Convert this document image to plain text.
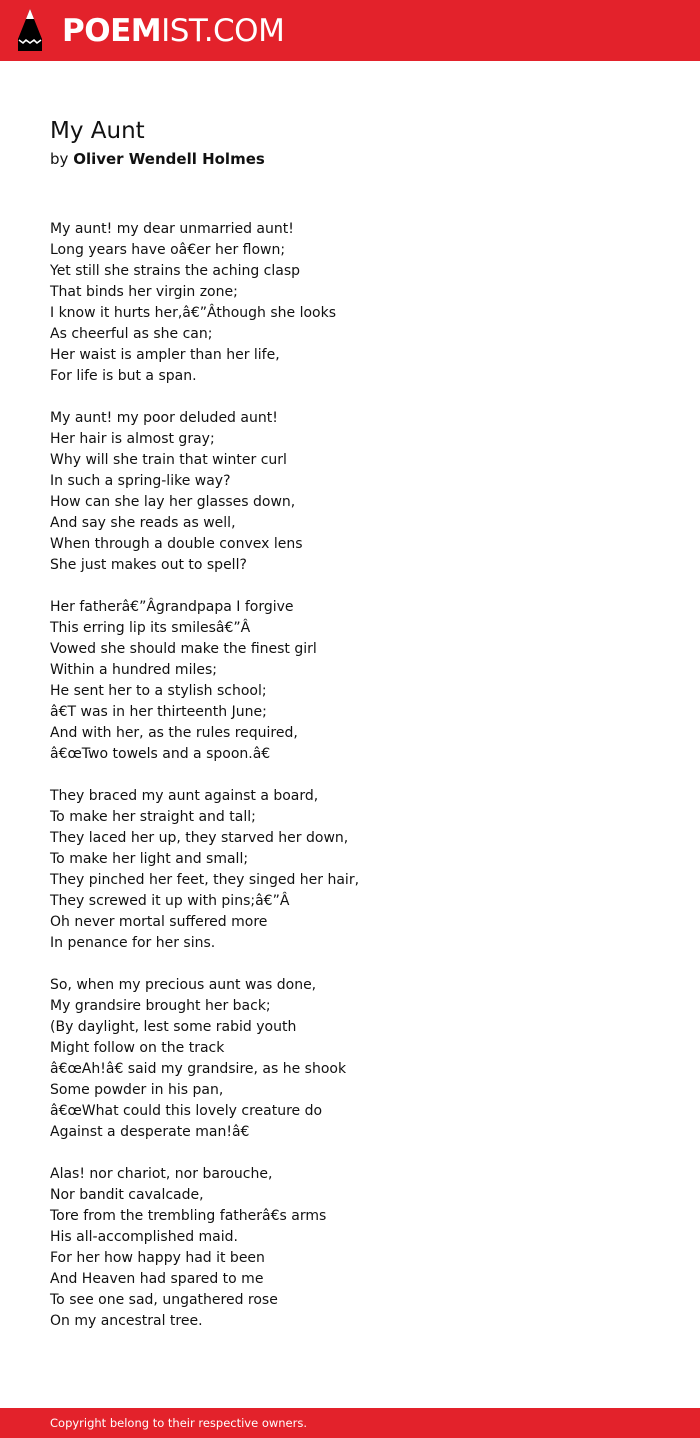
POEMIST.COM
My Aunt
by Oliver Wendell Holmes
My aunt! my dear unmarried aunt!
Long years have oâ€er her flown;
Yet still she strains the aching clasp
That binds her virgin zone;
I know it hurts her,â€”Âthough she looks
As cheerful as she can;
Her waist is ampler than her life,
For life is but a span.
My aunt! my poor deluded aunt!
Her hair is almost gray;
Why will she train that winter curl
In such a spring-like way?
How can she lay her glasses down,
And say she reads as well,
When through a double convex lens
She just makes out to spell?
Her fatherâ€”Âgrandpapa I forgive
This erring lip its smilesâ€”Â
Vowed she should make the finest girl
Within a hundred miles;
He sent her to a stylish school;
â€T was in her thirteenth June;
And with her, as the rules required,
â€œTwo towels and a spoon.â€
They braced my aunt against a board,
To make her straight and tall;
They laced her up, they starved her down,
To make her light and small;
They pinched her feet, they singed her hair,
They screwed it up with pins;â€”Â
Oh never mortal suffered more
In penance for her sins.
So, when my precious aunt was done,
My grandsire brought her back;
(By daylight, lest some rabid youth
Might follow on the track
â€œAh!â€ said my grandsire, as he shook
Some powder in his pan,
â€œWhat could this lovely creature do
Against a desperate man!â€
Alas! nor chariot, nor barouche,
Nor bandit cavalcade,
Tore from the trembling fatherâ€s arms
His all-accomplished maid.
For her how happy had it been
And Heaven had spared to me
To see one sad, ungathered rose
On my ancestral tree.
Copyright belong to their respective owners.
